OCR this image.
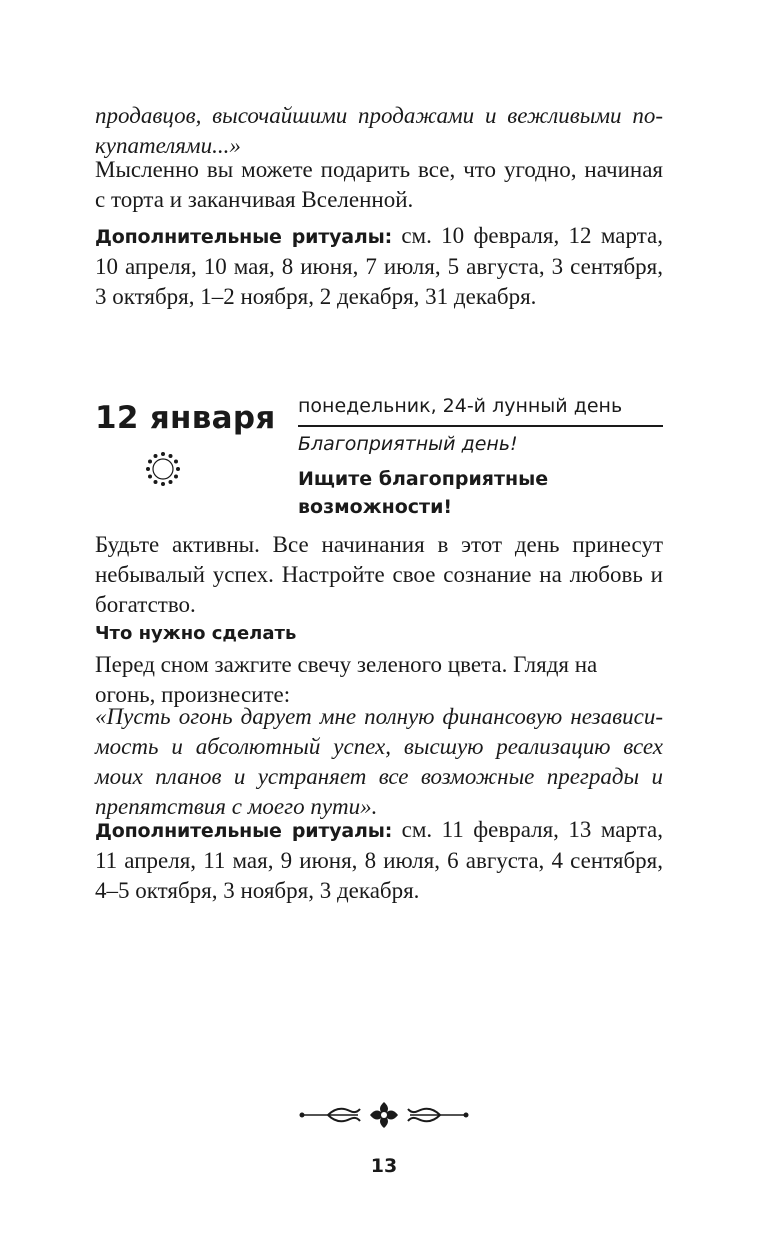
продавцов, высочайшими продажами и вежливыми покупателями...»

Мысленно вы можете подарить все, что угодно, начиная с торта и заканчивая Вселенной.

Дополнительные ритуалы: см. 10 февраля, 12 марта, 10 апреля, 10 мая, 8 июня, 7 июля, 5 августа, 3 сентября, 3 октября, 1–2 ноября, 2 декабря, 31 декабря.

12 января понедельник, 24-й лунный день
Благоприятный день!
Ищите благоприятные возможности!

Будьте активны. Все начинания в этот день принесут небывалый успех. Настройте свое сознание на любовь и богатство.

Что нужно сделать

Перед сном зажгите свечу зеленого цвета. Глядя на огонь, произнесите:

«Пусть огонь дарует мне полную финансовую независимость и абсолютный успех, высшую реализацию всех моих планов и устраняет все возможные преграды и препятствия с моего пути».

Дополнительные ритуалы: см. 11 февраля, 13 марта, 11 апреля, 11 мая, 9 июня, 8 июля, 6 августа, 4 сентября, 4–5 октября, 3 ноября, 3 декабря.

13
